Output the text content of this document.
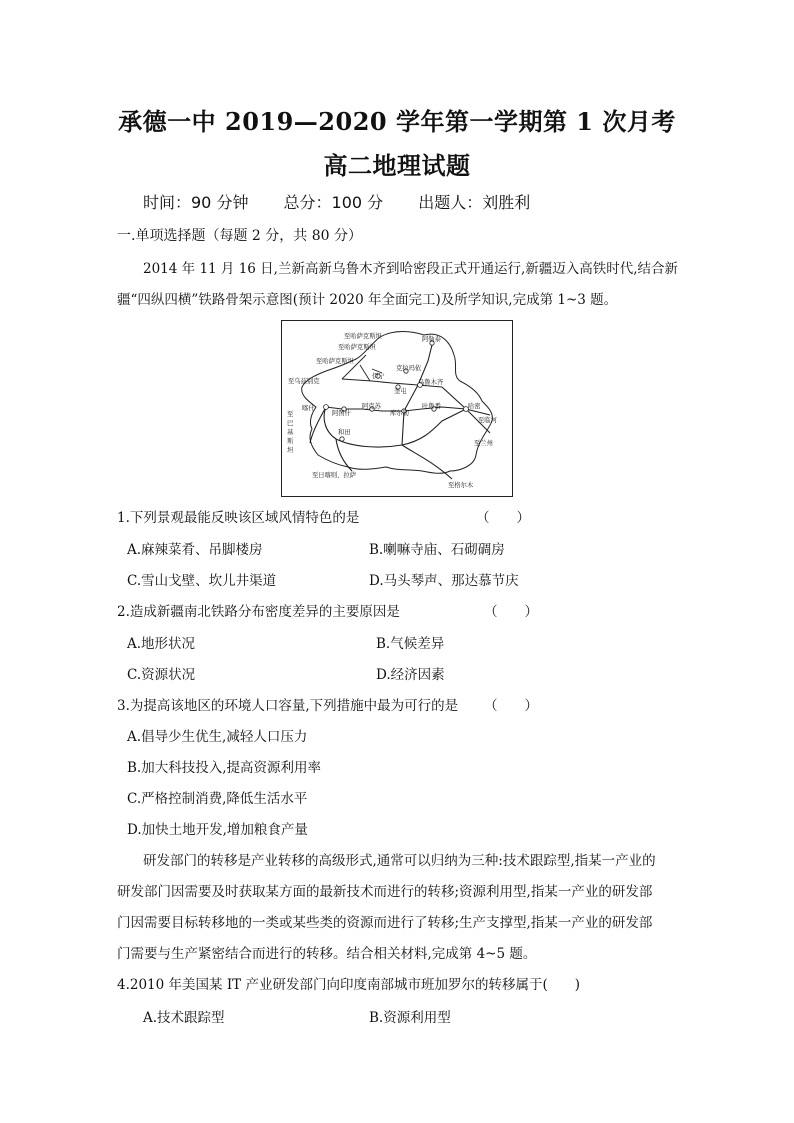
承德一中 2019—2020 学年第一学期第 1 次月考
高二地理试题
时间：90 分钟 总分：100 分 出题人：刘胜利
一.单项选择题（每题 2 分，共 80 分）
2014 年 11 月 16 日,兰新高新乌鲁木齐到哈密段正式开通运行,新疆迈入高铁时代,结合新
疆“四纵四横”铁路骨架示意图(预计 2020 年全面完工)及所学知识,完成第 1~3 题。
至哈萨克斯坦
至哈萨克斯坦
至哈萨克斯坦
至乌兹别克
至
巴
基
斯
坦
阿勒泰
克拉玛依
伊宁
奎屯
乌鲁木齐
喀什
阿图什
阿克苏
库尔勒
吐鲁番	哈密
至临河
至兰州
和田
至日喀则、拉萨
至格尔木
1.下列景观最能反映该区域风情特色的是	（　　）
A.麻辣菜肴、吊脚楼房	B.喇嘛寺庙、石砌碉房
C.雪山戈壁、坎儿井渠道	D.马头琴声、那达慕节庆
2.造成新疆南北铁路分布密度差异的主要原因是	（　　）
A.地形状况	B.气候差异
C.资源状况	D.经济因素
3.为提高该地区的环境人口容量,下列措施中最为可行的是 （　　）
A.倡导少生优生,减轻人口压力
B.加大科技投入,提高资源利用率
C.严格控制消费,降低生活水平
D.加快土地开发,增加粮食产量
研发部门的转移是产业转移的高级形式,通常可以归纳为三种:技术跟踪型,指某一产业的
研发部门因需要及时获取某方面的最新技术而进行的转移;资源利用型,指某一产业的研发部
门因需要目标转移地的一类或某些类的资源而进行了转移;生产支撑型,指某一产业的研发部
门需要与生产紧密结合而进行的转移。结合相关材料,完成第 4~5 题。
4.2010 年美国某 IT 产业研发部门向印度南部城市班加罗尔的转移属于(　　)
A.技术跟踪型	B.资源利用型
